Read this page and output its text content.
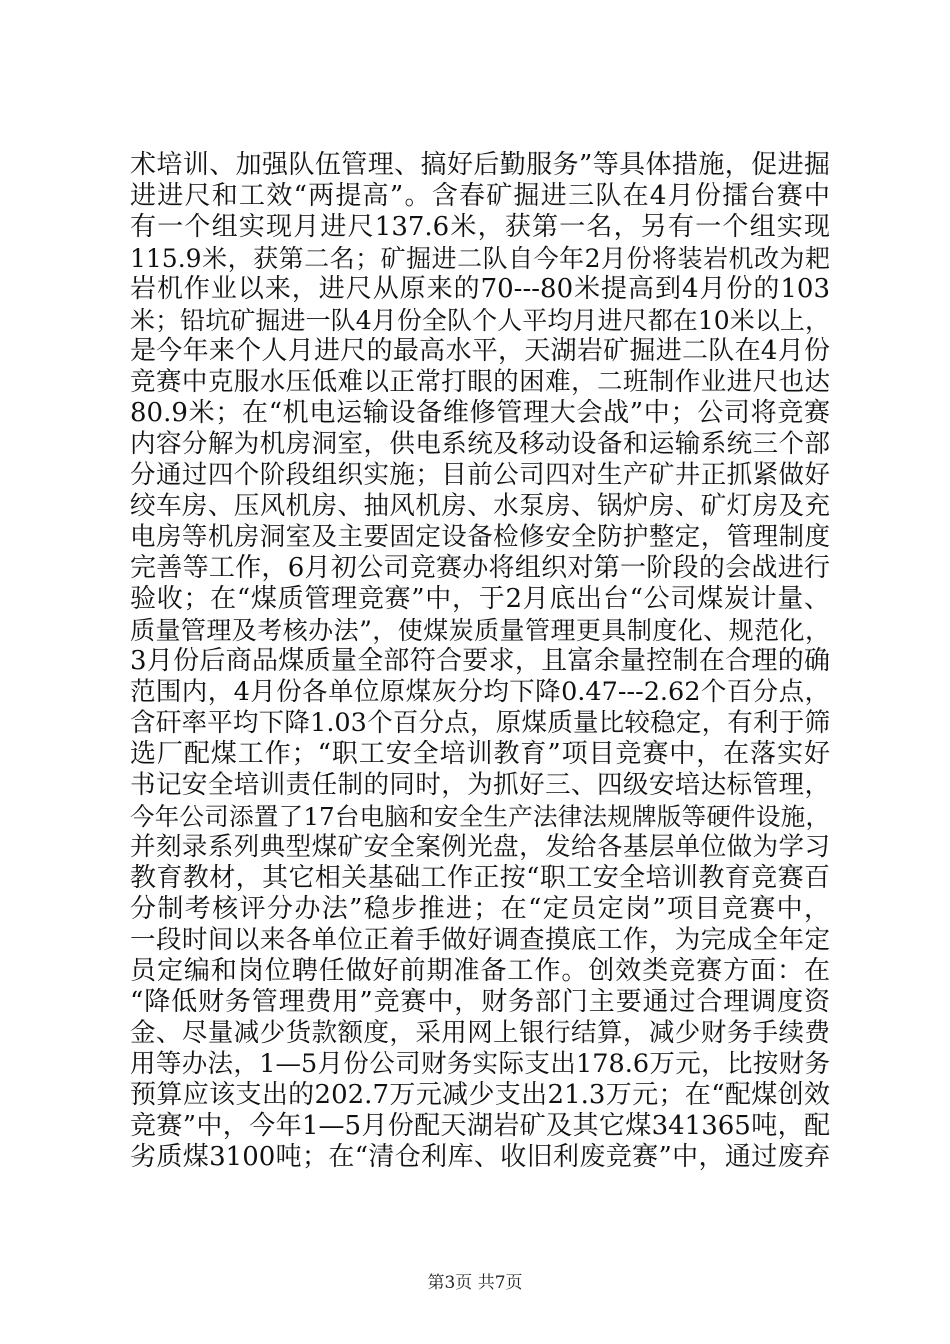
术培训、加强队伍管理、搞好后勤服务”等具体措施，促进掘
进进尺和工效“两提高”。含春矿掘进三队在4月份擂台赛中
有一个组实现月进尺137.6米，获第一名，另有一个组实现
115.9米，获第二名；矿掘进二队自今年2月份将装岩机改为耙
岩机作业以来，进尺从原来的70---80米提高到4月份的103
米；铅坑矿掘进一队4月份全队个人平均月进尺都在10米以上，
是今年来个人月进尺的最高水平，天湖岩矿掘进二队在4月份
竞赛中克服水压低难以正常打眼的困难，二班制作业进尺也达
80.9米；在“机电运输设备维修管理大会战”中；公司将竞赛
内容分解为机房洞室，供电系统及移动设备和运输系统三个部
分通过四个阶段组织实施；目前公司四对生产矿井正抓紧做好
绞车房、压风机房、抽风机房、水泵房、锅炉房、矿灯房及充
电房等机房洞室及主要固定设备检修安全防护整定，管理制度
完善等工作，6月初公司竞赛办将组织对第一阶段的会战进行
验收；在“煤质管理竞赛”中，于2月底出台“公司煤炭计量、
质量管理及考核办法”，使煤炭质量管理更具制度化、规范化，
3月份后商品煤质量全部符合要求，且富余量控制在合理的确
范围内，4月份各单位原煤灰分均下降0.47---2.62个百分点，
含矸率平均下降1.03个百分点，原煤质量比较稳定，有利于筛
选厂配煤工作；“职工安全培训教育”项目竞赛中，在落实好
书记安全培训责任制的同时，为抓好三、四级安培达标管理，
今年公司添置了17台电脑和安全生产法律法规牌版等硬件设施，
并刻录系列典型煤矿安全案例光盘，发给各基层单位做为学习
教育教材，其它相关基础工作正按“职工安全培训教育竞赛百
分制考核评分办法”稳步推进；在“定员定岗”项目竞赛中，
一段时间以来各单位正着手做好调查摸底工作，为完成全年定
员定编和岗位聘任做好前期准备工作。创效类竞赛方面：在
“降低财务管理费用”竞赛中，财务部门主要通过合理调度资
金、尽量减少货款额度，采用网上银行结算，减少财务手续费
用等办法，1—5月份公司财务实际支出178.6万元，比按财务
预算应该支出的202.7万元减少支出21.3万元；在“配煤创效
竞赛”中，今年1—5月份配天湖岩矿及其它煤341365吨，配
劣质煤3100吨；在“清仓利库、收旧利废竞赛”中，通过废弃
第3页 共7页
